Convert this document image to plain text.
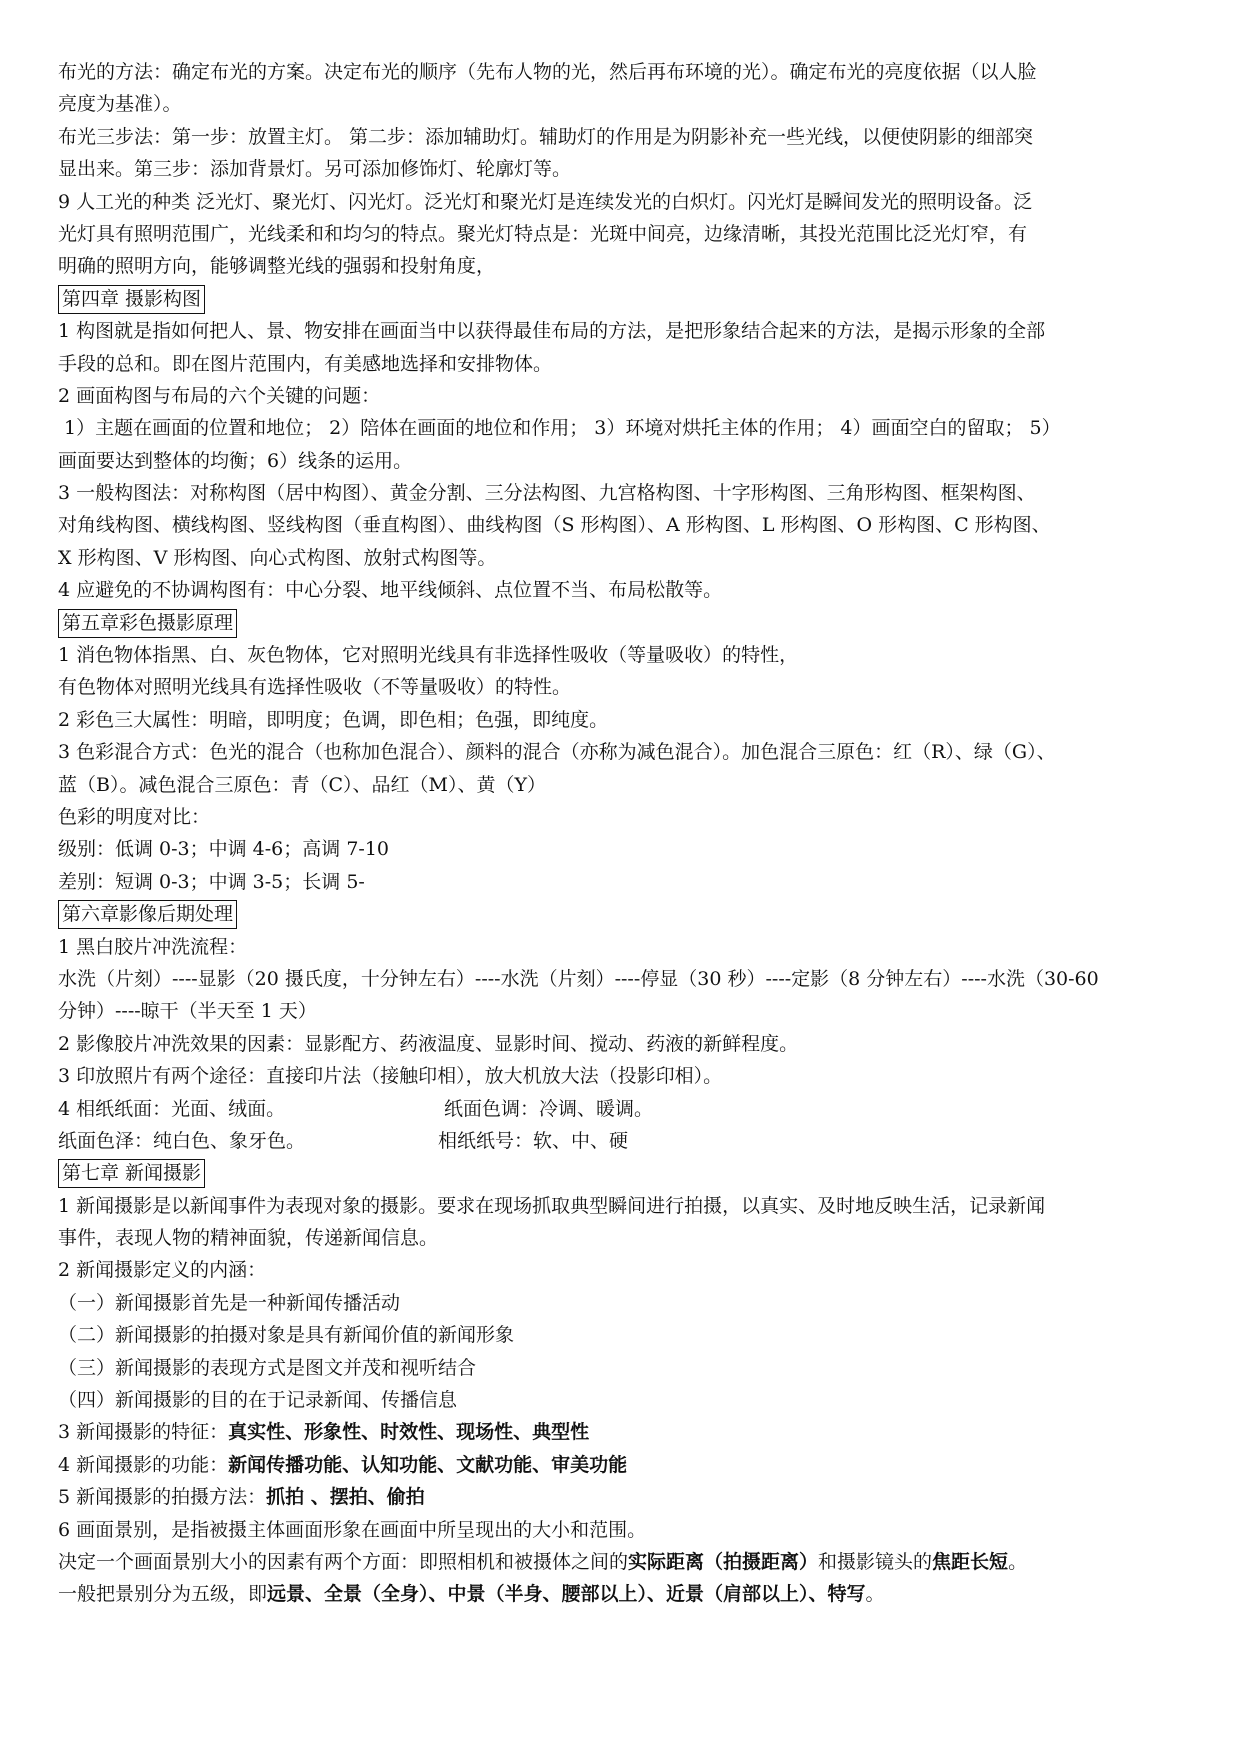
布光的方法：确定布光的方案。决定布光的顺序（先布人物的光，然后再布环境的光）。确定布光的亮度依据（以人脸
亮度为基准）。
布光三步法：第一步：放置主灯。 第二步：添加辅助灯。辅助灯的作用是为阴影补充一些光线，以便使阴影的细部突
显出来。第三步：添加背景灯。另可添加修饰灯、轮廓灯等。
9 人工光的种类 泛光灯、聚光灯、闪光灯。泛光灯和聚光灯是连续发光的白炽灯。闪光灯是瞬间发光的照明设备。泛
光灯具有照明范围广，光线柔和和均匀的特点。聚光灯特点是：光斑中间亮，边缘清晰，其投光范围比泛光灯窄，有
明确的照明方向，能够调整光线的强弱和投射角度，
第四章 摄影构图
1 构图就是指如何把人、景、物安排在画面当中以获得最佳布局的方法，是把形象结合起来的方法，是揭示形象的全部
手段的总和。即在图片范围内，有美感地选择和安排物体。
2 画面构图与布局的六个关键的问题：
1）主题在画面的位置和地位； 2）陪体在画面的地位和作用； 3）环境对烘托主体的作用； 4）画面空白的留取； 5）
画面要达到整体的均衡；6）线条的运用。
3 一般构图法：对称构图（居中构图）、黄金分割、三分法构图、九宫格构图、十字形构图、三角形构图、框架构图、
对角线构图、横线构图、竖线构图（垂直构图）、曲线构图（S 形构图）、A 形构图、L 形构图、O 形构图、C 形构图、
X 形构图、V 形构图、向心式构图、放射式构图等。
4 应避免的不协调构图有：中心分裂、地平线倾斜、点位置不当、布局松散等。
第五章彩色摄影原理
1 消色物体指黑、白、灰色物体，它对照明光线具有非选择性吸收（等量吸收）的特性，
有色物体对照明光线具有选择性吸收（不等量吸收）的特性。
2 彩色三大属性：明暗，即明度；色调，即色相；色强，即纯度。
3 色彩混合方式：色光的混合（也称加色混合）、颜料的混合（亦称为减色混合）。加色混合三原色：红（R）、绿（G）、
蓝（B）。减色混合三原色：青（C）、品红（M）、黄（Y）
色彩的明度对比：
级别：低调 0-3；中调 4-6；高调 7-10
差别：短调 0-3；中调 3-5；长调 5-
第六章影像后期处理
1 黑白胶片冲洗流程：
水洗（片刻）----显影（20 摄氏度，十分钟左右）----水洗（片刻）----停显（30 秒）----定影（8 分钟左右）----水洗（30-60
分钟）----晾干（半天至 1 天）
2 影像胶片冲洗效果的因素：显影配方、药液温度、显影时间、搅动、药液的新鲜程度。
3 印放照片有两个途径：直接印片法（接触印相），放大机放大法（投影印相）。
4 相纸纸面：光面、绒面。	纸面色调：冷调、暖调。
纸面色泽：纯白色、象牙色。	相纸纸号：软、中、硬
第七章 新闻摄影
1 新闻摄影是以新闻事件为表现对象的摄影。要求在现场抓取典型瞬间进行拍摄，以真实、及时地反映生活，记录新闻
事件，表现人物的精神面貌，传递新闻信息。
2 新闻摄影定义的内涵：
（一）新闻摄影首先是一种新闻传播活动
（二）新闻摄影的拍摄对象是具有新闻价值的新闻形象
（三）新闻摄影的表现方式是图文并茂和视听结合
（四）新闻摄影的目的在于记录新闻、传播信息
3 新闻摄影的特征：真实性、形象性、时效性、现场性、典型性
4 新闻摄影的功能：新闻传播功能、认知功能、文献功能、审美功能
5 新闻摄影的拍摄方法：抓拍 、摆拍、偷拍
6 画面景别，是指被摄主体画面形象在画面中所呈现出的大小和范围。
决定一个画面景别大小的因素有两个方面：即照相机和被摄体之间的实际距离（拍摄距离）和摄影镜头的焦距长短。
一般把景别分为五级，即远景、全景（全身）、中景（半身、腰部以上）、近景（肩部以上）、特写。
